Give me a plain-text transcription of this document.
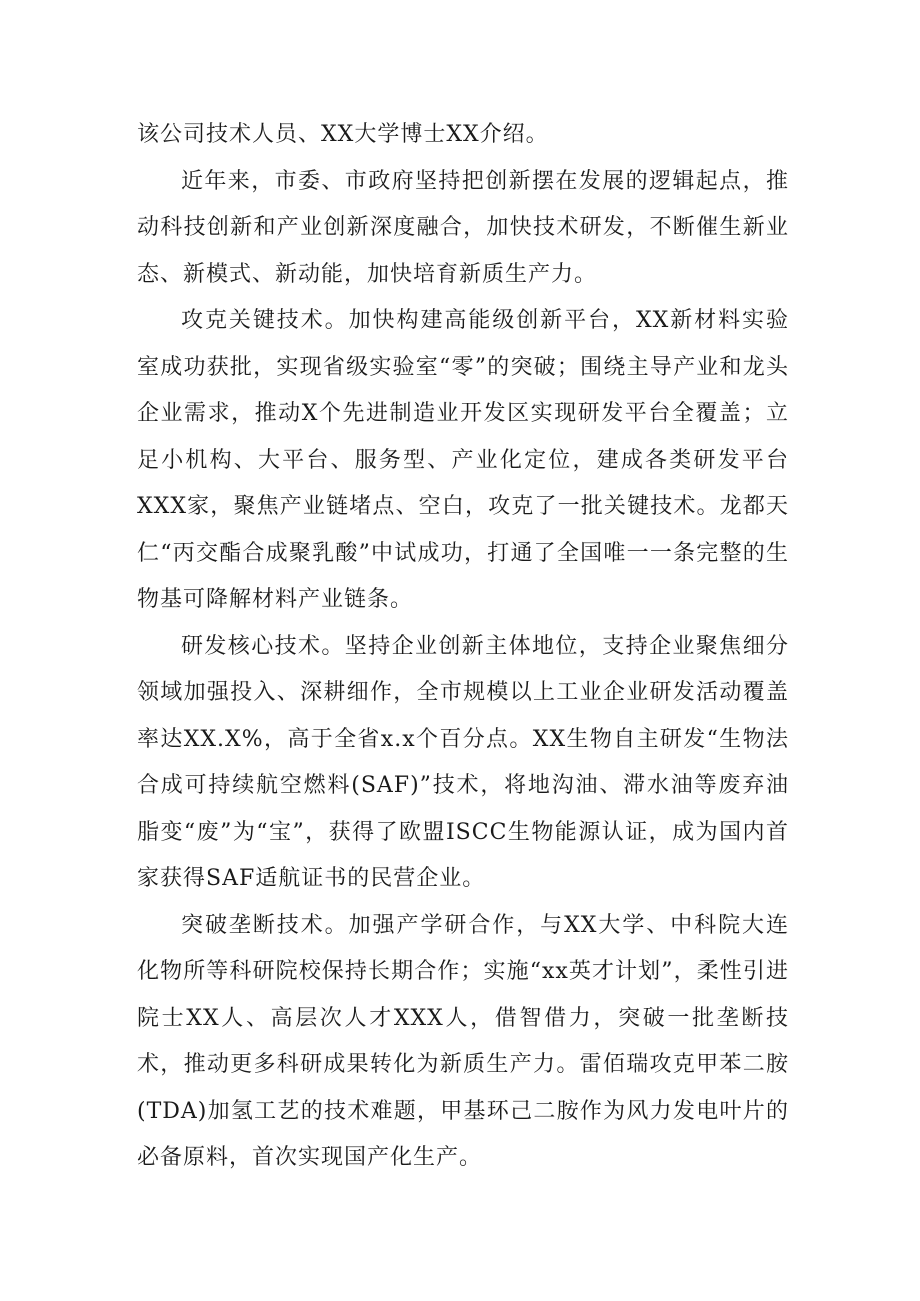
该公司技术人员、XX大学博士XX介绍。

近年来，市委、市政府坚持把创新摆在发展的逻辑起点，推动科技创新和产业创新深度融合，加快技术研发，不断催生新业态、新模式、新动能，加快培育新质生产力。

攻克关键技术。加快构建高能级创新平台，XX新材料实验室成功获批，实现省级实验室“零”的突破；围绕主导产业和龙头企业需求，推动X个先进制造业开发区实现研发平台全覆盖；立足小机构、大平台、服务型、产业化定位，建成各类研发平台XXX家，聚焦产业链堵点、空白，攻克了一批关键技术。龙都天仁“丙交酯合成聚乳酸”中试成功，打通了全国唯一一条完整的生物基可降解材料产业链条。

研发核心技术。坚持企业创新主体地位，支持企业聚焦细分领域加强投入、深耕细作，全市规模以上工业企业研发活动覆盖率达XX.X%，高于全省x.x个百分点。XX生物自主研发“生物法合成可持续航空燃料(SAF)”技术，将地沟油、滞水油等废弃油脂变“废”为“宝”，获得了欧盟ISCC生物能源认证，成为国内首家获得SAF适航证书的民营企业。

突破垄断技术。加强产学研合作，与XX大学、中科院大连化物所等科研院校保持长期合作；实施“xx英才计划”，柔性引进院士XX人、高层次人才XXX人，借智借力，突破一批垄断技术，推动更多科研成果转化为新质生产力。雷佰瑞攻克甲苯二胺(TDA)加氢工艺的技术难题，甲基环己二胺作为风力发电叶片的必备原料，首次实现国产化生产。
